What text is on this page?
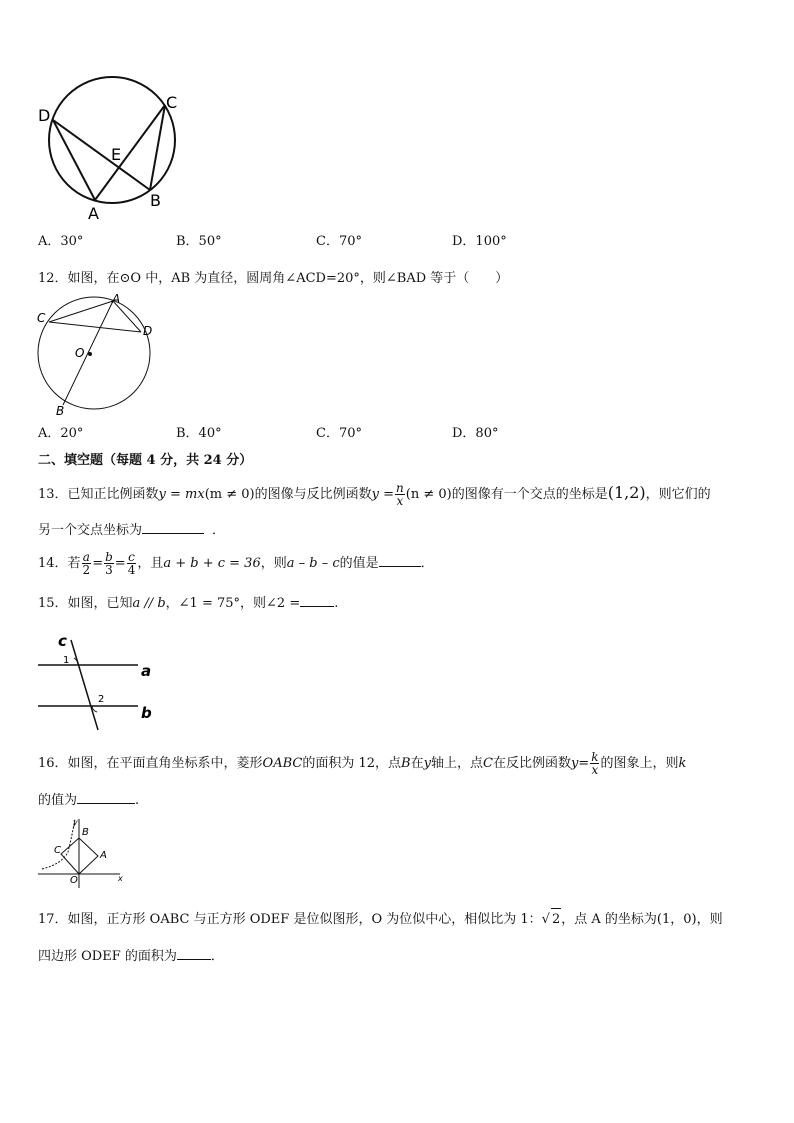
D
C
E
A
B
A．30°	B．50°	C．70°	D．100°
12．如图，在⊙O 中，AB 为直径，圆周角∠ACD=20°，则∠BAD 等于（　　）
A
C
D
O
B
A．20°	B．40°	C．70°	D．80°
二、填空题（每题 4 分，共 24 分）
13．已知正比例函数y = mx(m ≠ 0)的图像与反比例函数$y = \frac{n}{x} (n \ne 0)$的图像有一个交点的坐标是(1,2)，则它们的
另一个交点坐标为	．
14．若 $\frac{a}{2} = \frac{b}{3} = \frac{c}{4}$ ，且a + b + c = 36，则a – b – c的值是	．
15．如图，已知a // b，∠1 = 75°，则∠2 =	.
c
1
a
2
b
16．如图，在平面直角坐标系中，菱形OABC的面积为 12，点B在y轴上，点C在反比例函数$y= \frac{k}{x}$ 的图象上，则k
的值为	.
y
B
C	A
O	x
17．如图，正方形 OABC 与正方形 ODEF 是位似图形，O 为位似中心，相似比为 1：√ 2，点 A 的坐标为(1，0)，则
四边形 ODEF 的面积为	．
